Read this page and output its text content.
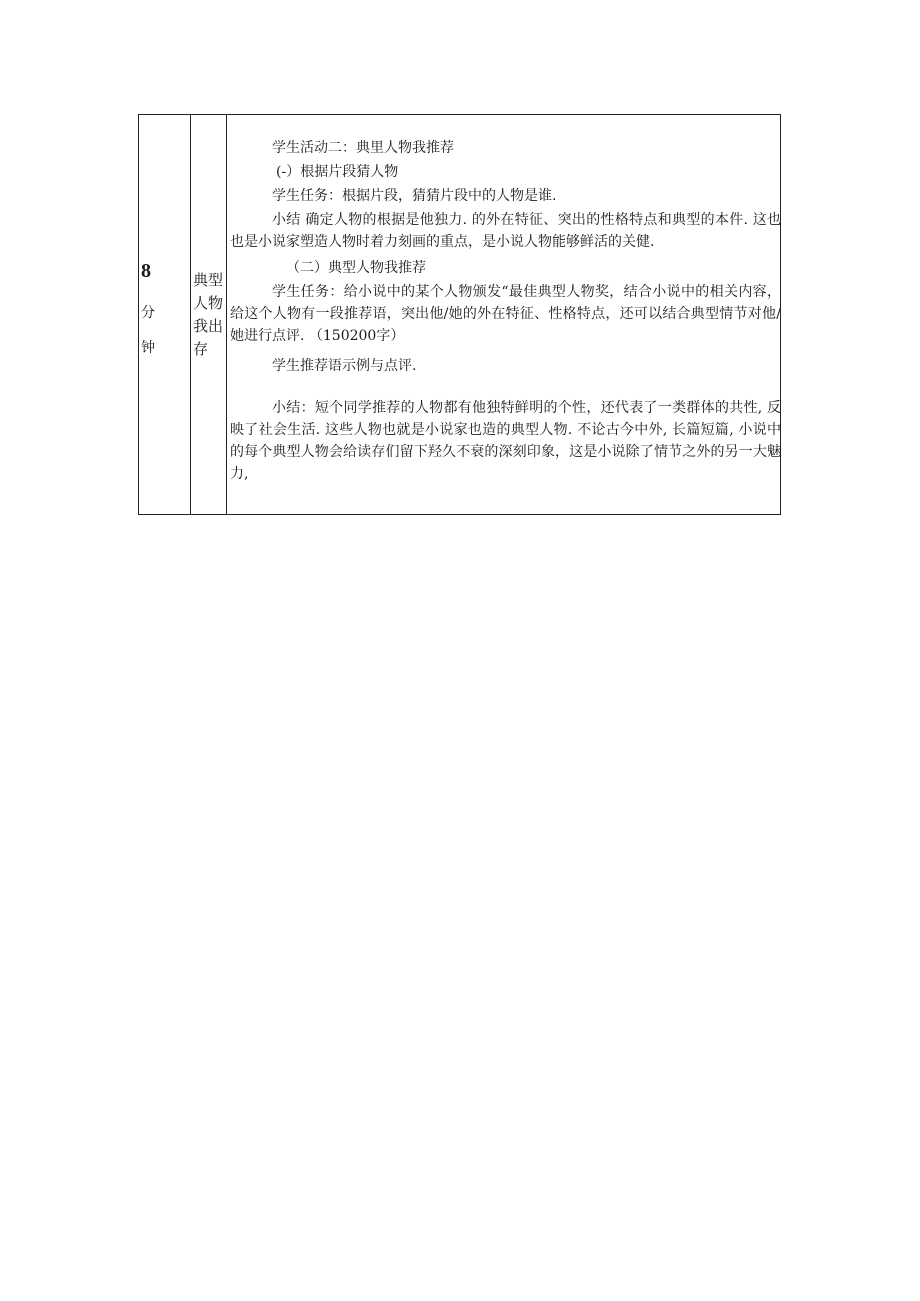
8
分
钟
典型人物我出存

学生活动二：典里人物我推荐

(-）根据片段猜人物

学生任务：根据片段，猜猜片段中的人物是谁.

小结 确定人物的根据是他独力. 的外在特征、突出的性格特点和典型的本件. 这也也是小说家塑造人物时着力刻画的重点，是小说人物能够鲜活的关健.

（二）典型人物我推荐

学生任务：给小说中的某个人物颁发“最佳典型人物奖，结合小说中的相关内容，给这个人物有一段推荐语，突出他/她的外在特征、性格特点，还可以结合典型情节对他/她进行点评. （150200字）

学生推荐语示例与点评.

小结：短个同学推荐的人物都有他独特鲜明的个性，还代表了一类群体的共性, 反映了社会生活. 这些人物也就是小说家也造的典型人物. 不论古今中外, 长篇短篇, 小说中的每个典型人物会给读存们留下羟久不衰的深刻印象，这是小说除了情节之外的另一大魅力,
